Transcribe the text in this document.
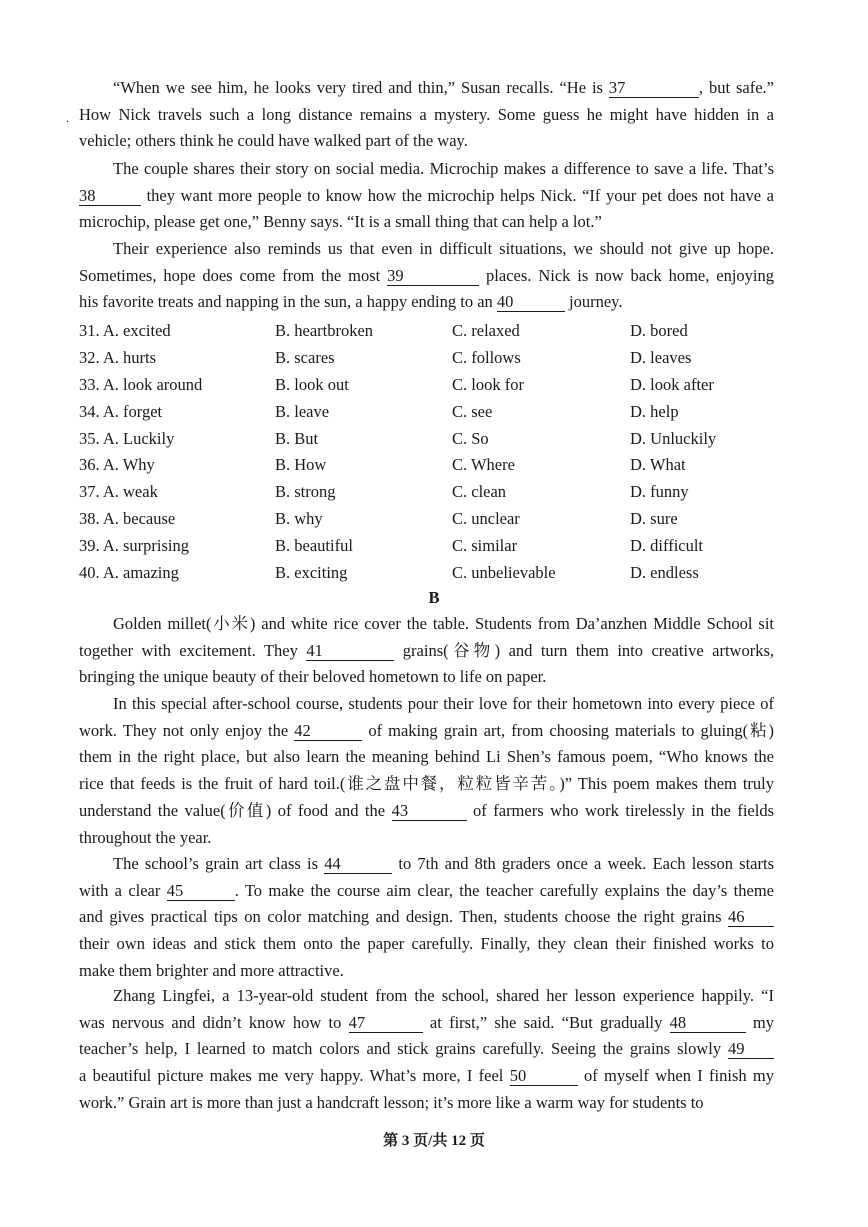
.
“When we see him, he looks very tired and thin,” Susan recalls. “He is 37	, but safe.”
How Nick travels such a long distance remains a mystery. Some guess he might have hidden in a
vehicle; others think he could have walked part of the way.
The couple shares their story on social media. Microchip makes a difference to save a life. That’s
38	they want more people to know how the microchip helps Nick. “If your pet does not have a
microchip, please get one,” Benny says. “It is a small thing that can help a lot.”
Their experience also reminds us that even in difficult situations, we should not give up hope.
Sometimes, hope does come from the most 39	places. Nick is now back home, enjoying
his favorite treats and napping in the sun, a happy ending to an 40	journey.
31. A. excited	B. heartbroken	C. relaxed	D. bored
32. A. hurts	B. scares	C. follows	D. leaves
33. A. look around	B. look out	C. look for	D. look after
34. A. forget	B. leave	C. see	D. help
35. A. Luckily	B. But	C. So	D. Unluckily
36. A. Why	B. How	C. Where	D. What
37. A. weak	B. strong	C. clean	D. funny
38. A. because	B. why	C. unclear	D. sure
39. A. surprising	B. beautiful	C. similar	D. difficult
40. A. amazing	B. exciting	C. unbelievable	D. endless
B
Golden millet(小米) and white rice cover the table. Students from Da’anzhen Middle School sit
together with excitement. They 41	grains(谷物) and turn them into creative artworks,
bringing the unique beauty of their beloved hometown to life on paper.
In this special after-school course, students pour their love for their hometown into every piece of
work. They not only enjoy the 42	of making grain art, from choosing materials to gluing(粘)
them in the right place, but also learn the meaning behind Li Shen’s famous poem, “Who knows the
rice that feeds is the fruit of hard toil.(谁之盘中餐，粒粒皆辛苦。)” This poem makes them truly
understand the value(价值) of food and the 43	of farmers who work tirelessly in the fields
throughout the year.
The school’s grain art class is 44	to 7th and 8th graders once a week. Each lesson starts
with a clear 45	. To make the course aim clear, the teacher carefully explains the day’s theme
and gives practical tips on color matching and design. Then, students choose the right grains 46
their own ideas and stick them onto the paper carefully. Finally, they clean their finished works to
make them brighter and more attractive.
Zhang Lingfei, a 13-year-old student from the school, shared her lesson experience happily. “I
was nervous and didn’t know how to 47	at first,” she said. “But gradually 48	my
teacher’s help, I learned to match colors and stick grains carefully. Seeing the grains slowly 49
a beautiful picture makes me very happy. What’s more, I feel 50	of myself when I finish my
work.” Grain art is more than just a handcraft lesson; it’s more like a warm way for students to
第 3 页/共 12 页
